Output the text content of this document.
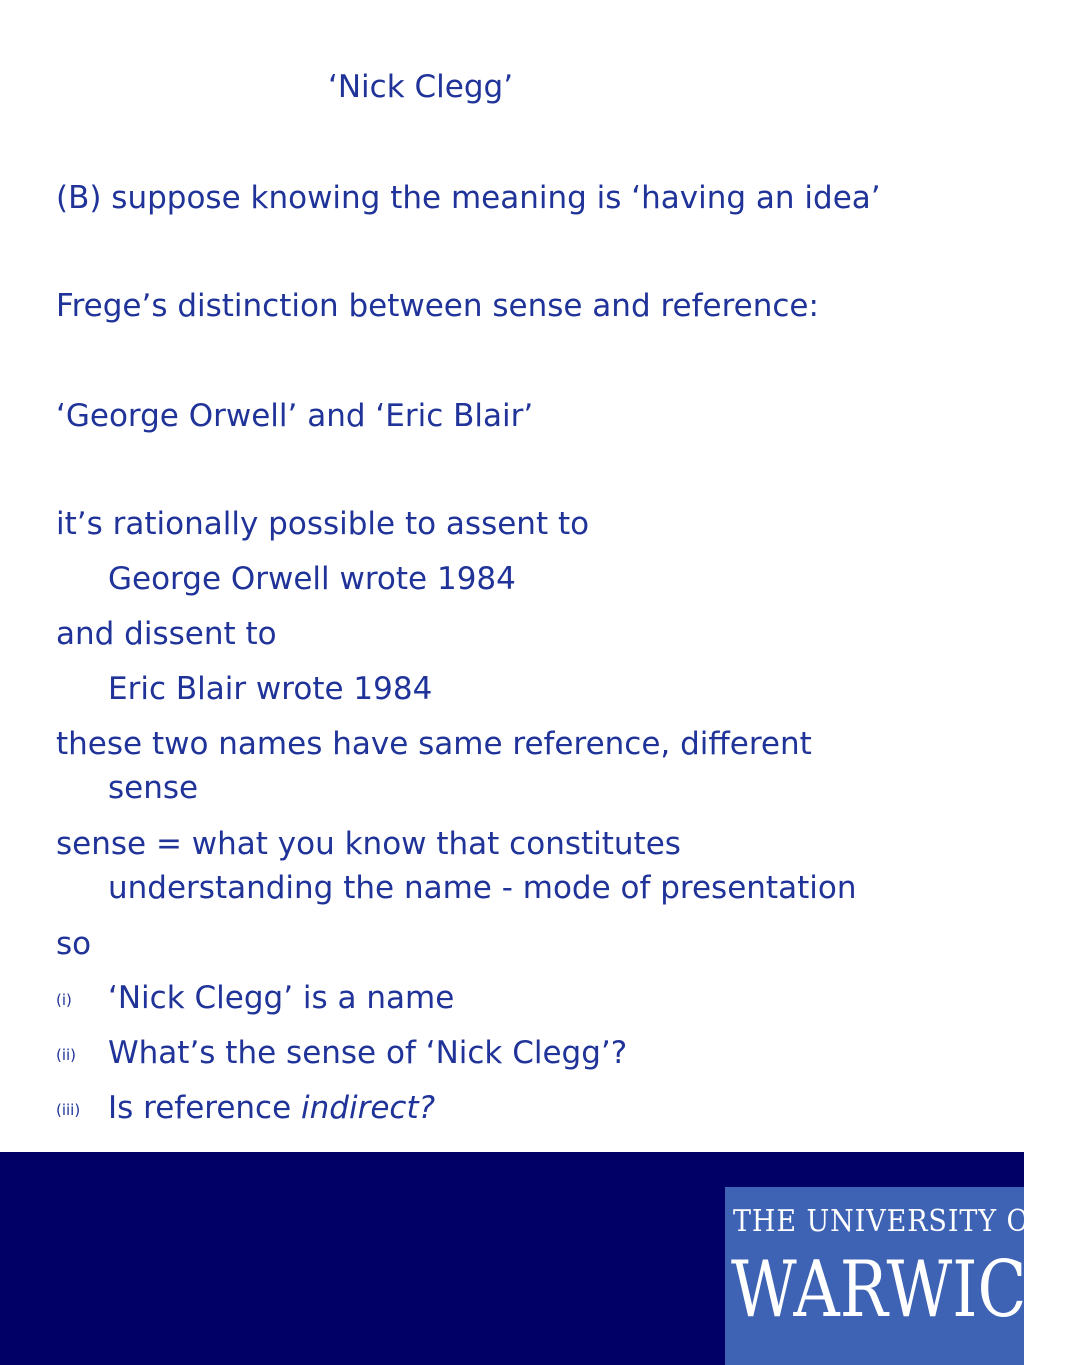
‘Nick Clegg’
(B) suppose knowing the meaning is ‘having an idea’
Frege’s distinction between sense and reference:
‘George Orwell’ and ‘Eric Blair’
it’s rationally possible to assent to
George Orwell wrote 1984
and dissent to
Eric Blair wrote 1984
these two names have same reference, different
sense
sense = what you know that constitutes
understanding the name - mode of presentation
so
(i) ‘Nick Clegg’ is a name
(ii) What’s the sense of ‘Nick Clegg’?
(iii) Is reference indirect?
THE UNIVERSITY OF
WARWICK
